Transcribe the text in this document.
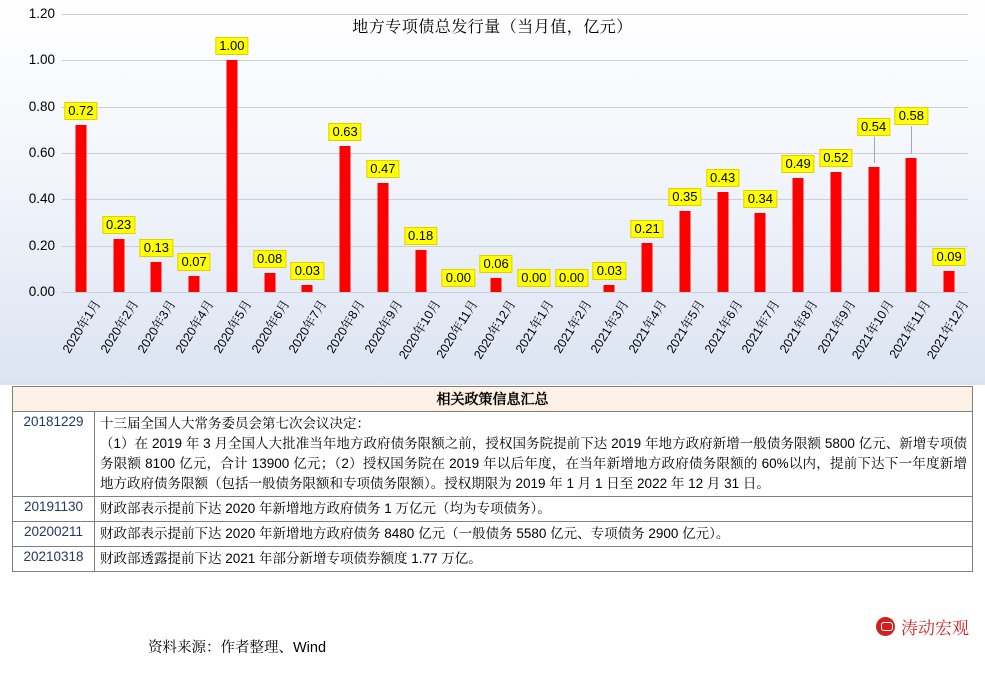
地方专项债总发行量（当月值，亿元）
0.00
0.20
0.40
0.60
0.80
1.00
1.20
0.72
0.23
0.13
0.07
1.00
0.08
0.03
0.63
0.47
0.18
0.00
0.06
0.00 0.00 0.03
0.21
0.35
0.43
0.34
0.49 0.52
0.54
0.58
0.09
2020年1月
2020年2月
2020年3月
2020年4月
2020年5月
2020年6月
2020年7月
2020年8月
2020年9月
2020年10月
2020年11月
2020年12月
2021年1月
2021年2月
2021年3月
2021年4月
2021年5月
2021年6月
2021年7月
2021年8月
2021年9月
2021年10月
2021年11月
2021年12月
相关政策信息汇总	
20181229	十三届全国人大常务委员会第七次会议决定：

（1）在 2019 年 3 月全国人大批准当年地方政府债务限额之前，授权国务院提前下达 2019 年地方政府新增一般债务限额 5800 亿元、新增专项债务限额 8100 亿元，合计 13900 亿元；（2）授权国务院在 2019 年以后年度，在当年新增地方政府债务限额的 60%以内，提前下达下一年度新增地方政府债务限额（包括一般债务限额和专项债务限额）。授权期限为 2019 年 1 月 1 日至 2022 年 12 月 31 日。

20191130	财政部表示提前下达 2020 年新增地方政府债务 1 万亿元（均为专项债务）。

20200211	财政部表示提前下达 2020 年新增地方政府债务 8480 亿元（一般债务 5580 亿元、专项债务 2900 亿元）。

20210318	财政部透露提前下达 2021 年部分新增专项债券额度 1.77 万亿。

资料来源：作者整理、Wind
涛动宏观
